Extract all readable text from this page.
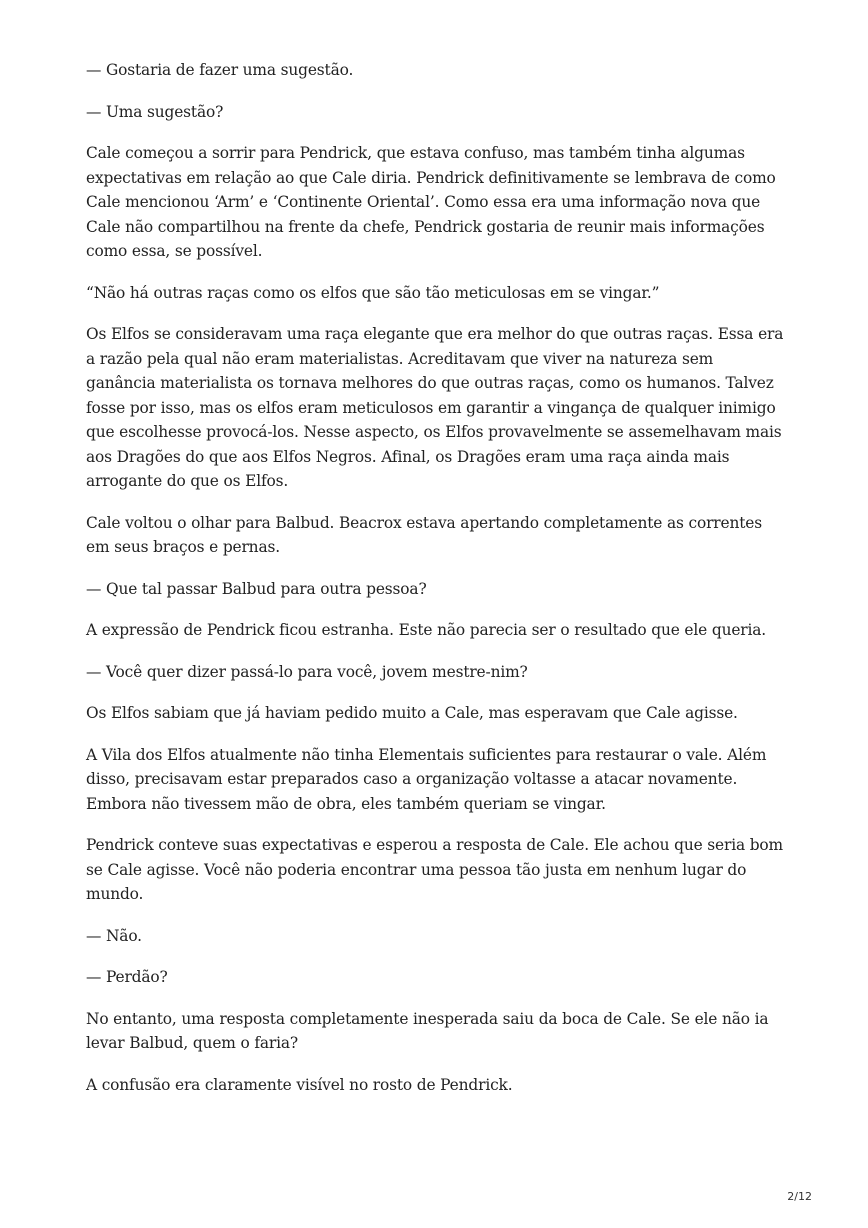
— Gostaria de fazer uma sugestão.

— Uma sugestão?

Cale começou a sorrir para Pendrick, que estava confuso, mas também tinha algumas expectativas em relação ao que Cale diria. Pendrick definitivamente se lembrava de como Cale mencionou ‘Arm’ e ‘Continente Oriental’. Como essa era uma informação nova que Cale não compartilhou na frente da chefe, Pendrick gostaria de reunir mais informações como essa, se possível.

“Não há outras raças como os elfos que são tão meticulosas em se vingar.”

Os Elfos se consideravam uma raça elegante que era melhor do que outras raças. Essa era a razão pela qual não eram materialistas. Acreditavam que viver na natureza sem ganância materialista os tornava melhores do que outras raças, como os humanos. Talvez fosse por isso, mas os elfos eram meticulosos em garantir a vingança de qualquer inimigo que escolhesse provocá-los. Nesse aspecto, os Elfos provavelmente se assemelhavam mais aos Dragões do que aos Elfos Negros. Afinal, os Dragões eram uma raça ainda mais arrogante do que os Elfos.

Cale voltou o olhar para Balbud. Beacrox estava apertando completamente as correntes em seus braços e pernas.

— Que tal passar Balbud para outra pessoa?

A expressão de Pendrick ficou estranha. Este não parecia ser o resultado que ele queria.

— Você quer dizer passá-lo para você, jovem mestre-nim?

Os Elfos sabiam que já haviam pedido muito a Cale, mas esperavam que Cale agisse.

A Vila dos Elfos atualmente não tinha Elementais suficientes para restaurar o vale. Além disso, precisavam estar preparados caso a organização voltasse a atacar novamente. Embora não tivessem mão de obra, eles também queriam se vingar.

Pendrick conteve suas expectativas e esperou a resposta de Cale. Ele achou que seria bom se Cale agisse. Você não poderia encontrar uma pessoa tão justa em nenhum lugar do mundo.

— Não.

— Perdão?

No entanto, uma resposta completamente inesperada saiu da boca de Cale. Se ele não ia levar Balbud, quem o faria?

A confusão era claramente visível no rosto de Pendrick.

2/12
